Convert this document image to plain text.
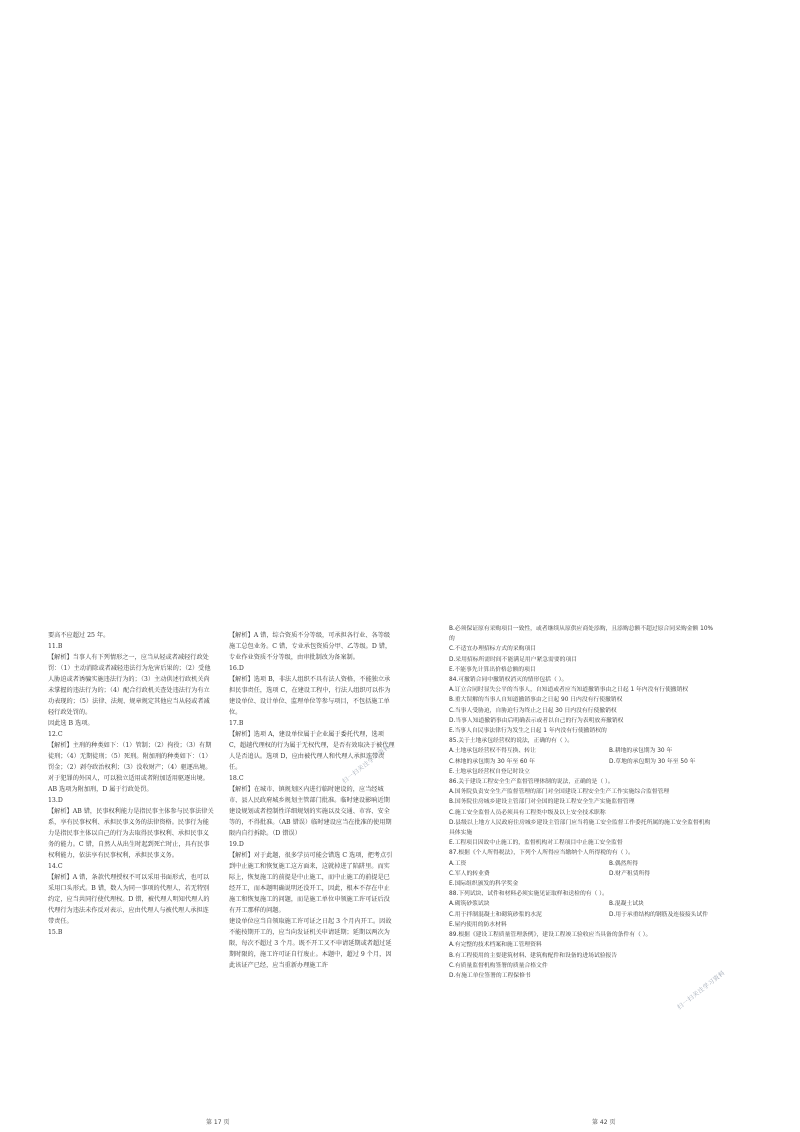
要高不应超过 25 年。

11.B

【解析】当事人有下列情形之一，应当从轻或者减轻行政处罚：（1）主动消除或者减轻违法行为危害后果的；（2）受他人胁迫或者诱骗实施违法行为的；（3）主动供述行政机关尚未掌握的违法行为的；（4）配合行政机关查处违法行为有立功表现的；（5）法律、法规、规章规定其他应当从轻或者减轻行政处罚的。

因此选 B 选项。

12.C

【解析】主刑的种类如下：（1）管制；（2）拘役；（3）有期徒刑；（4）无期徒刑；（5）死刑。附加刑的种类如下：（1）罚金；（2）剥夺政治权利；（3）没收财产；（4）驱逐出境。对于犯罪的外国人，可以独立适用或者附加适用驱逐出境。

AB 选项为附加刑，D 属于行政处罚。

13.D

【解析】AB 错，民事权利能力是指民事主体参与民事法律关系，享有民事权利、承担民事义务的法律资格。民事行为能力是指民事主体以自己的行为去取得民事权利、承担民事义务的能力。C 错，自然人从出生时起到死亡时止，具有民事权利能力，依法享有民事权利，承担民事义务。

14.C

【解析】A 错，条款代理授权不可以采用书面形式，也可以采用口头形式。B 错，数人为同一事项的代理人，若无特别约定，应当共同行使代理权。D 错，被代理人明知代理人的代理行为违法未作反对表示，应由代理人与被代理人承担连带责任。

15.B

【解析】A 错，综合资质不分等级，可承担各行业、各等级施工总包业务。C 错，专业承包资质分甲、乙等级。D 错，专业作业资质不分等级，由审批制改为备案制。

16.D

【解析】选项 B，非法人组织不具有法人资格，不能独立承担民事责任，选项 C，在建设工程中，行法人组织可以作为建设单位、设计单位、监理单位等参与项目，不包括施工单位。

17.B

【解析】选项 A，建设单位属于企业属于委托代理，选项 C，超越代理权的行为属于无权代理，是否有效取决于被代理人是否追认。选项 D，应由被代理人和代理人承担连带责任。

18.C

【解析】在城市、镇规划区内进行临时建设的，应当经城市、县人民政府城乡规划主管部门批准。临时建设影响近期建设规划或者控制性详细规划的实施以及交通、市容、安全等的，不得批准。（AB 错误）临时建设应当在批准的使用期限内自行拆除。（D 错误）

19.D

【解析】对于此题，很多学员可能会错选 C 选项，把考点引到中止施工和恢复施工这方面来，这就掉进了陷阱里。而实际上，恢复施工的前提是中止施工，而中止施工的前提是已经开工，而本题明确说明还没开工，因此，根本不存在中止施工和恢复施工的问题，而是施工单位申领施工许可证后没有开工那样的问题。

建设单位应当自领取施工许可证之日起 3 个月内开工。因故不能按期开工的，应当向发证机关申请延期；延期以两次为限，每次不超过 3 个月。既不开工又不申请延期或者超过延期时限的，施工许可证自行废止。本题中，超过 9 个月，因此该证产已经，应当重新办理施工许

第 17 页
扫一扫关注学习资料

B.必须保证原有采购项目一致性，或者继续从原供应商处添购，且添购总额不超过原合同采购金额 10%

的

C.不适宜办理招标方式的采购项目

D.采用招标所需时间不能满足用户紧急需要的项目

E.不能事先计算出价格总额的项目

84.可撤销合同中撤销权消灭的情形包括（ ）。

A.订立合同时显失公平的当事人，自知道或者应当知道撤销事由之日起 1 年内没有行使撤销权

B.重大误解的当事人自知道撤销事由之日起 90 日内没有行使撤销权

C.当事人受胁迫，自胁迫行为终止之日起 30 日内没有行使撤销权

D.当事人知道撤销事由后明确表示或者以自己的行为表明放弃撤销权

E.当事人自民事法律行为发生之日起 1 年内没有行使撤销权的

85.关于土地承包经营权的说法，正确的有（ ）。

A.土地承包经营权不得互换、转让	B.耕地的承包期为 30 年
C.林地的承包期为 30 年至 60 年	D.草地的承包期为 30 年至 50 年

E.土地承包经营权自登记时设立

86.关于建设工程安全生产监督管理体制的说法，正确的是（ ）。

A.国务院负责安全生产监督管理的部门对全国建设工程安全生产工作实施综合监督管理

B.国务院住房城乡建设主管部门对全国的建设工程安全生产实施监督管理

C.施工安全监督人员必须具有工程类中级及以上安全技术职称

D.县级以上地方人民政府住房城乡建设主管部门应当将施工安全监督工作委托所属的施工安全监督机构

具体实施

E.工程项目因故中止施工的，监督机构对工程项目中止施工安全监督

87.根据《个人所得税法》，下列个人所得应当缴纳个人所得税的有（ ）。

A.工资	B.偶然所得
C.军人的转业费	D.财产租赁所得

E.国际组织颁发的科学奖金

88.下列试块、试件和材料必须实施见证取样和送检的有（ ）。

A.砌筑砂浆试块	B.混凝土试块
C.用于拌制混凝土和砌筑砂浆的水泥	D.用于承重结构的钢筋及连接接头试件

E.屋内使用的防水材料

89.根据《建设工程质量管理条例》，建设工程竣工验收应当具备的条件有（ ）。

A.有完整的技术档案和施工管理资料

B.有工程使用的主要建筑材料、建筑构配件和设备的进场试验报告

C.有质量监督机构签署的质量合格文件

D.有施工单位签署的工程保修书

第 42 页
扫一扫关注学习资料
